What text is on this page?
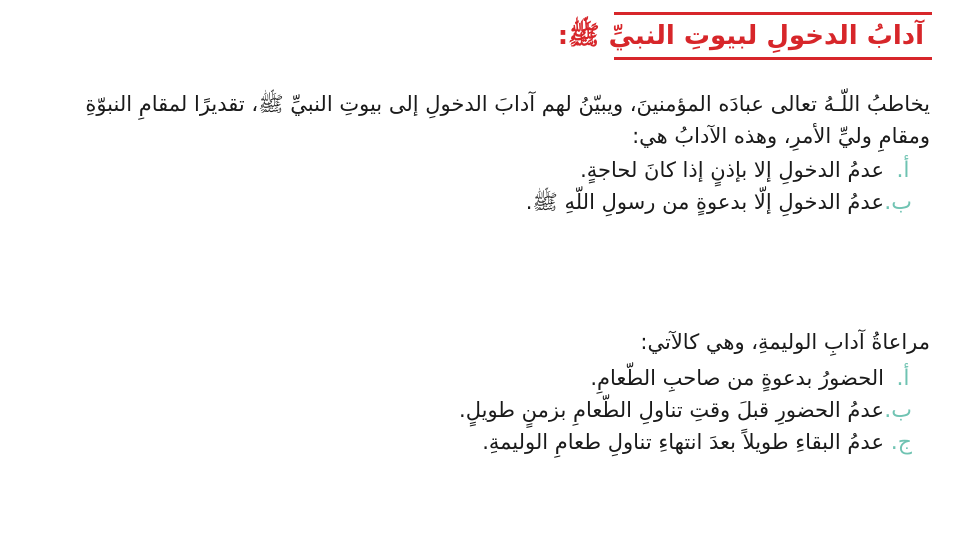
آدابُ الدخولِ لبيوتِ النبيِّ ﷺ:
يخاطبُ اللّـهُ تعالى عبادَه المؤمنينَ، ويبيّنُ لهم آدابَ الدخولِ إلى بيوتِ النبيِّ ﷺ، تقديرًا لمقامِ النبوّةِ
ومقامِ وليِّ الأمرِ، وهذه الآدابُ هي:
أ.
عدمُ الدخولِ إلا بإذنٍ إذا كانَ لحاجةٍ.
ب.
عدمُ الدخولِ إلّا بدعوةٍ من رسولِ اللّهِ ﷺ.
مراعاةُ آدابِ الوليمةِ، وهي كالآتي:
أ.
الحضورُ بدعوةٍ من صاحبِ الطّعامِ.
ب.
عدمُ الحضورِ قبلَ وقتِ تناولِ الطّعامِ بزمنٍ طويلٍ.
ج.
عدمُ البقاءِ طويلاً بعدَ انتهاءِ تناولِ طعامِ الوليمةِ.
